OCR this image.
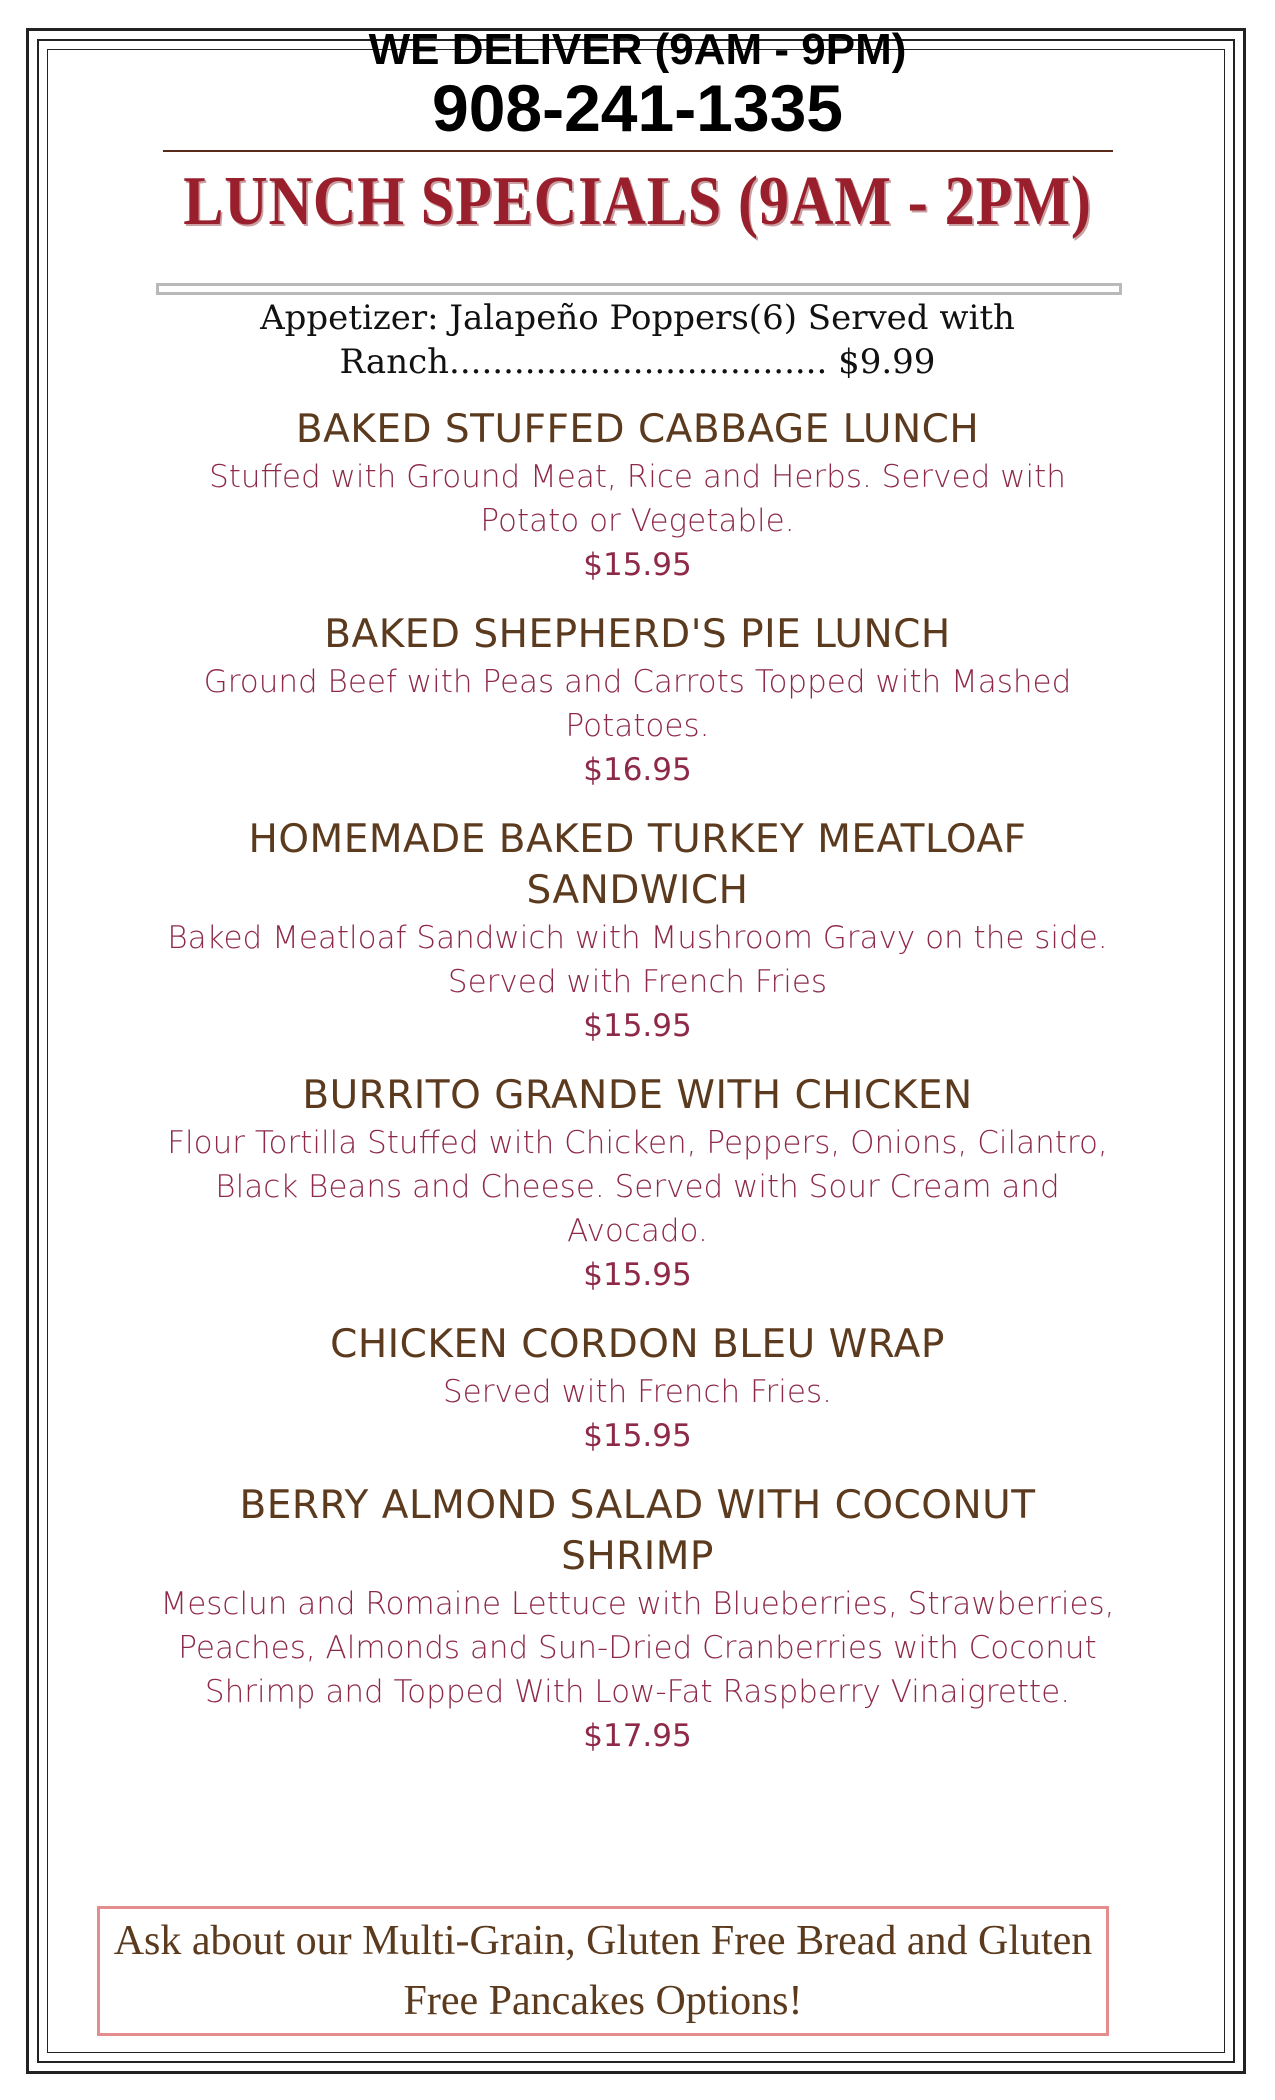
WE DELIVER (9AM - 9PM)
908-241-1335
LUNCH SPECIALS (9AM - 2PM)
Appetizer: Jalapeño Poppers(6) Served with Ranch................................... $9.99
BAKED STUFFED CABBAGE LUNCH
Stuffed with Ground Meat, Rice and Herbs. Served with Potato or Vegetable.
$15.95
BAKED SHEPHERD'S PIE LUNCH
Ground Beef with Peas and Carrots Topped with Mashed Potatoes.
$16.95
HOMEMADE BAKED TURKEY MEATLOAF SANDWICH
Baked Meatloaf Sandwich with Mushroom Gravy on the side. Served with French Fries
$15.95
BURRITO GRANDE WITH CHICKEN
Flour Tortilla Stuffed with Chicken, Peppers, Onions, Cilantro, Black Beans and Cheese. Served with Sour Cream and Avocado.
$15.95
CHICKEN CORDON BLEU WRAP
Served with French Fries.
$15.95
BERRY ALMOND SALAD WITH COCONUT SHRIMP
Mesclun and Romaine Lettuce with Blueberries, Strawberries, Peaches, Almonds and Sun-Dried Cranberries with Coconut Shrimp and Topped With Low-Fat Raspberry Vinaigrette.
$17.95
Ask about our Multi-Grain, Gluten Free Bread and Gluten Free Pancakes Options!
